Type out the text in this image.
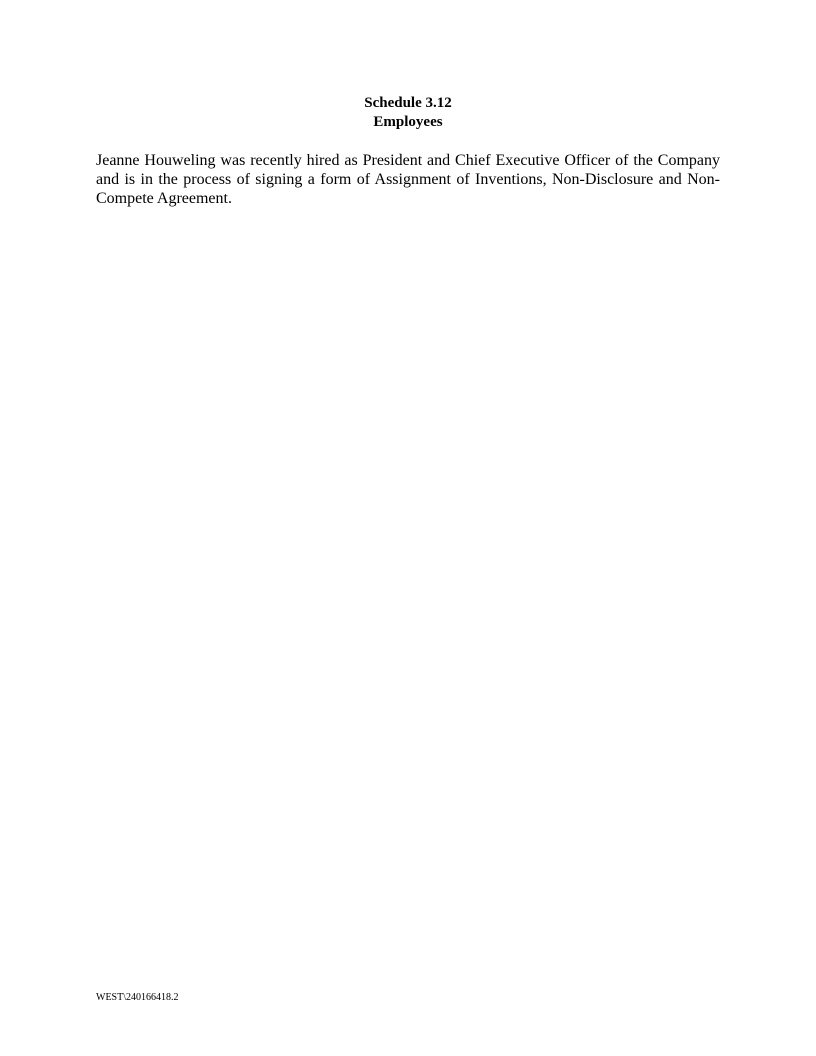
Schedule 3.12
Employees

Jeanne Houweling was recently hired as President and Chief Executive Officer of the Company and is in the process of signing a form of Assignment of Inventions, Non-Disclosure and Non-Compete Agreement.

WEST\240166418.2
